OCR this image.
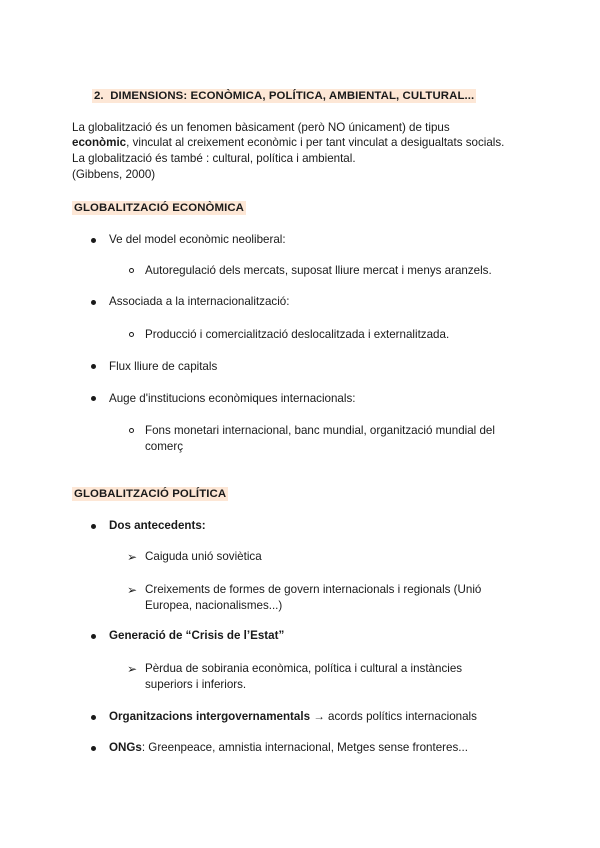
2. DIMENSIONS: ECONÒMICA, POLÍTICA, AMBIENTAL, CULTURAL...
La globalització és un fenomen bàsicament (però NO únicament) de tipus
econòmic, vinculat al creixement econòmic i per tant vinculat a desigualtats socials.
La globalització és també : cultural, política i ambiental.
(Gibbens, 2000)
GLOBALITZACIÓ ECONÒMICA
Ve del model econòmic neoliberal:
Autoregulació dels mercats, suposat lliure mercat i menys aranzels.
Associada a la internacionalització:
Producció i comercialització deslocalitzada i externalitzada.
Flux lliure de capitals
Auge d'institucions econòmiques internacionals:
Fons monetari internacional, banc mundial, organització mundial del
comerç
GLOBALITZACIÓ POLÍTICA
Dos antecedents:
➢ Caiguda unió soviètica
➢ Creixements de formes de govern internacionals i regionals (Unió
Europea, nacionalismes...)
Generació de “Crisis de l’Estat”
➢ Pèrdua de sobirania econòmica, política i cultural a instàncies
superiors i inferiors.
Organitzacions intergovernamentals → acords polítics internacionals
ONGs: Greenpeace, amnistia internacional, Metges sense fronteres...
